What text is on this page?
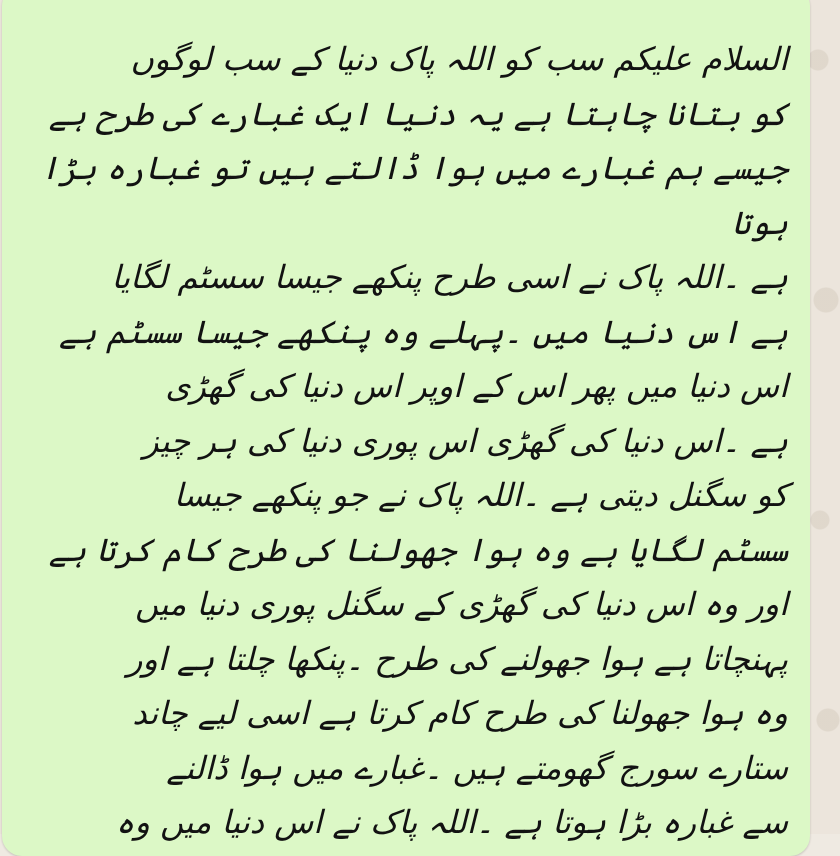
السلام علیکم سب کو اللہ پاک دنیا کے سب لوگوں
کو بتانا چاہتا ہے یہ دنیا ایک غبارے کی طرح ہے
جیسے ہم غبارے میں ہوا ڈالتے ہیں تو غبارہ بڑا ہوتا
ہے ۔اللہ پاک نے اسی طرح پنکھے جیسا سسٹم لگایا
ہے اس دنیا میں ۔پہلے وہ پنکھے جیسا سسٹم ہے
اس دنیا میں پھر اس کے اوپر اس دنیا کی گھڑی
ہے ۔اس دنیا کی گھڑی اس پوری دنیا کی ہر چیز
کو سگنل دیتی ہے ۔اللہ پاک نے جو پنکھے جیسا
سسٹم لگایا ہے وہ ہوا جھولنا کی طرح کام کرتا ہے
اور وہ اس دنیا کی گھڑی کے سگنل پوری دنیا میں
پہنچاتا ہے ہوا جھولنے کی طرح ۔پنکھا چلتا ہے اور
وہ ہوا جھولنا کی طرح کام کرتا ہے اسی لیے چاند
ستارے سورج گھومتے ہیں ۔غبارے میں ہوا ڈالنے
سے غبارہ بڑا ہوتا ہے ۔اللہ پاک نے اس دنیا میں وہ
